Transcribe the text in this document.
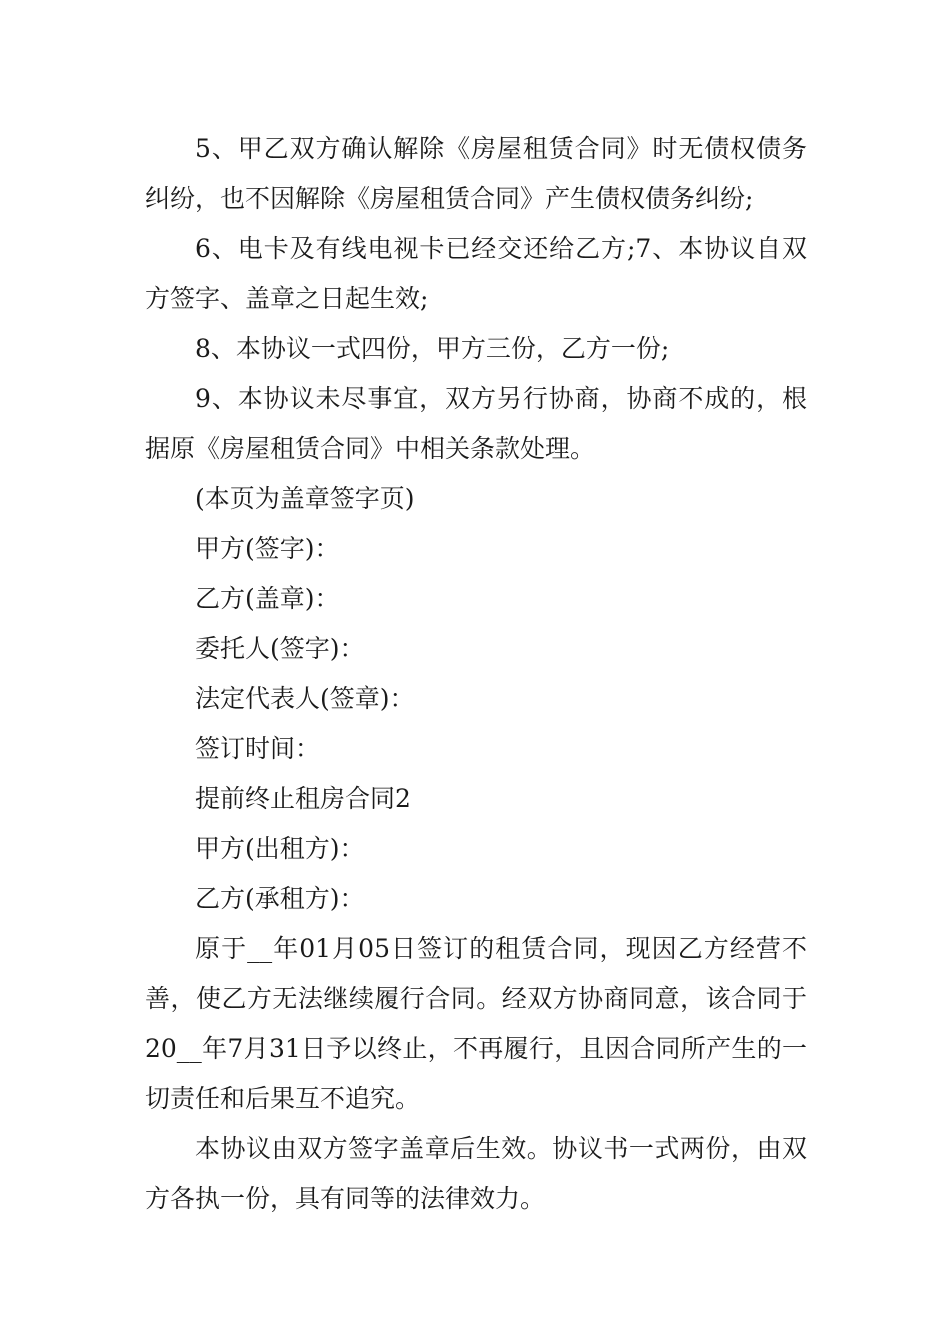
5、甲乙双方确认解除《房屋租赁合同》时无债权债务纠纷，也不因解除《房屋租赁合同》产生债权债务纠纷;

6、电卡及有线电视卡已经交还给乙方;7、本协议自双方签字、盖章之日起生效;

8、本协议一式四份，甲方三份，乙方一份;

9、本协议未尽事宜，双方另行协商，协商不成的，根据原《房屋租赁合同》中相关条款处理。

(本页为盖章签字页)

甲方(签字)：

乙方(盖章)：

委托人(签字)：

法定代表人(签章)：

签订时间：

提前终止租房合同2

甲方(出租方)：

乙方(承租方)：

原于__年01月05日签订的租赁合同，现因乙方经营不善，使乙方无法继续履行合同。经双方协商同意，该合同于20__年7月31日予以终止，不再履行，且因合同所产生的一切责任和后果互不追究。

本协议由双方签字盖章后生效。协议书一式两份，由双方各执一份，具有同等的法律效力。
